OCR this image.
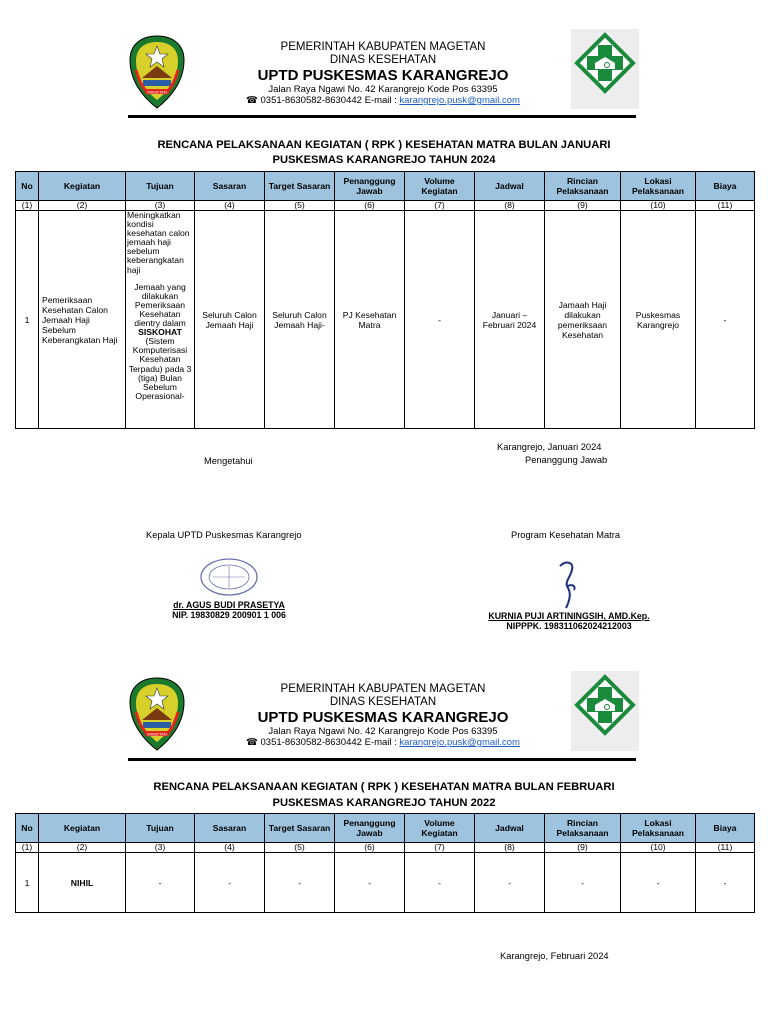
MAGETAN
PEMERINTAH KABUPATEN MAGETAN
DINAS KESEHATAN
UPTD PUSKESMAS KARANGREJO
Jalan Raya Ngawi No. 42 Karangrejo Kode Pos 63395
☎ 0351-8630582-8630442 E-mail : karangrejo.pusk@gmail.com
RENCANA PELAKSANAAN KEGIATAN ( RPK ) KESEHATAN MATRA BULAN JANUARI
PUSKESMAS KARANGREJO TAHUN 2024
No	Kegiatan	Tujuan	Sasaran	Target Sasaran	Penanggung Jawab	Volume Kegiatan	Jadwal	Rincian Pelaksanaan	Lokasi Pelaksanaan	Biaya
(1)	(2)	(3)	(4)	(5)	(6)	(7)	(8)	(9)	(10)	(11)
1	Pemeriksaan Kesehatan Calon Jemaah Haji Sebelum Keberangkatan Haji	Meningkatkan kondisi kesehatan calon jemaah haji sebelum keberangkatan haji
Jemaah yang dilakukan Pemeriksaan Kesehatan dientry dalam
SISKOHAT
(Sistem Komputerisasi Kesehatan Terpadu) pada 3 (tiga) Bulan Sebelum Operasional-	Seluruh Calon Jemaah Haji	Seluruh Calon Jemaah Haji-	PJ Kesehatan Matra	-	Januari – Februari 2024	Jamaah Haji dilakukan pemeriksaan Kesehatan	Puskesmas Karangrejo	-
Karangrejo, Januari 2024
Penanggung Jawab
Mengetahui
Kepala UPTD Puskesmas Karangrejo	Program Kesehatan Matra
dr. AGUS BUDI PRASETYA
NIP. 19830829 200901 1 006	KURNIA PUJI ARTININGSIH, AMD.Kep.
NIPPPK. 198311062024212003
MAGETAN
PEMERINTAH KABUPATEN MAGETAN
DINAS KESEHATAN
UPTD PUSKESMAS KARANGREJO
Jalan Raya Ngawi No. 42 Karangrejo Kode Pos 63395
☎ 0351-8630582-8630442 E-mail : karangrejo.pusk@gmail.com
RENCANA PELAKSANAAN KEGIATAN ( RPK ) KESEHATAN MATRA BULAN FEBRUARI
PUSKESMAS KARANGREJO TAHUN 2022
No	Kegiatan	Tujuan	Sasaran	Target Sasaran	Penanggung Jawab	Volume Kegiatan	Jadwal	Rincian Pelaksanaan	Lokasi Pelaksanaan	Biaya
(1)	(2)	(3)	(4)	(5)	(6)	(7)	(8)	(9)	(10)	(11)
1	NIHIL	-	-	-	-	-	-	-	-	-
Karangrejo, Februari 2024
